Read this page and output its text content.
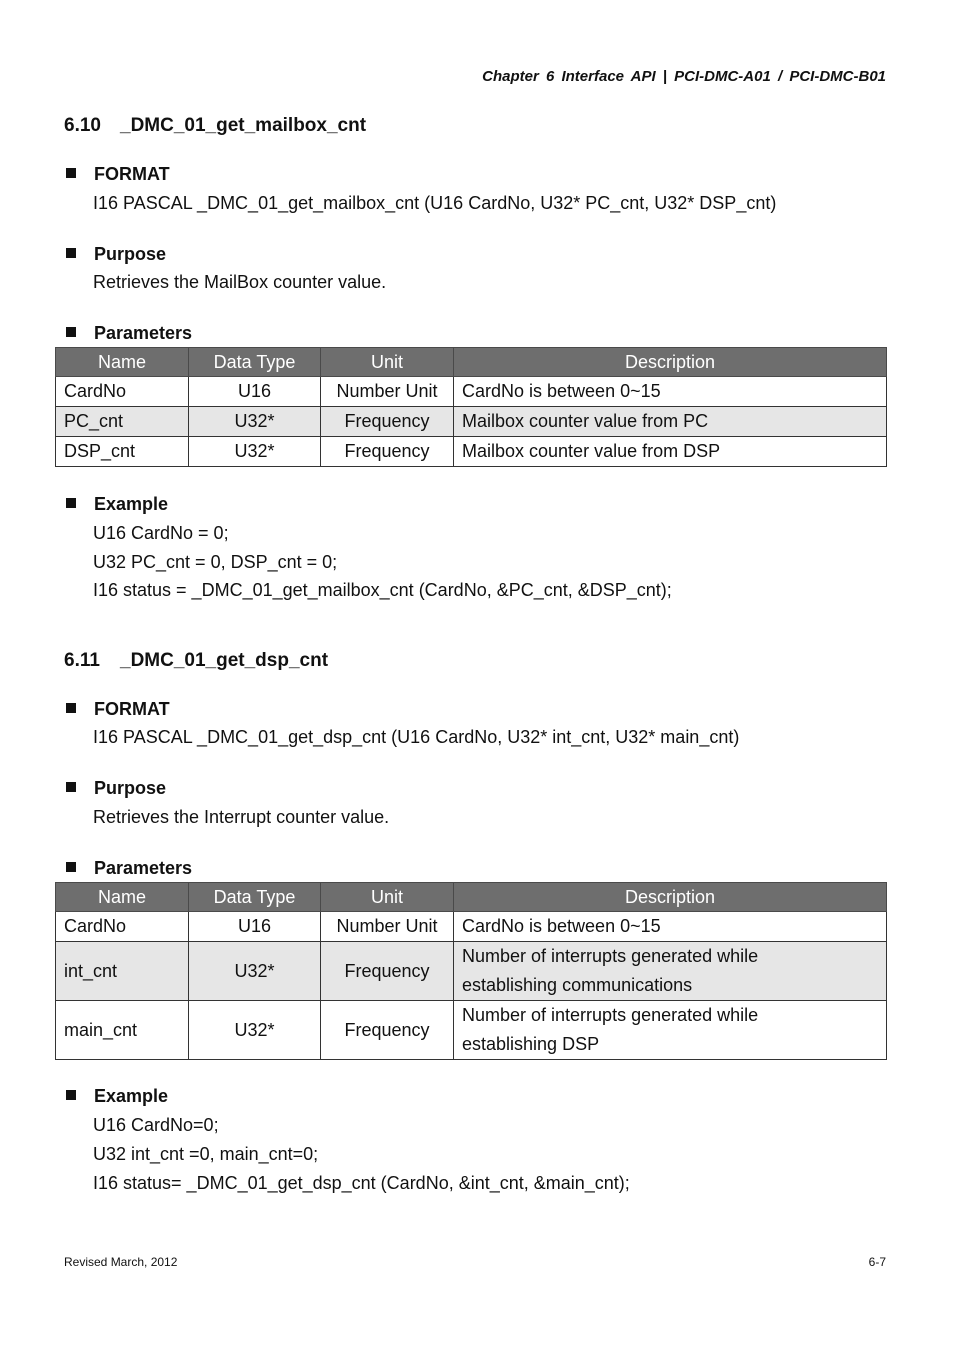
Chapter 6 Interface API | PCI-DMC-A01 / PCI-DMC-B01
6.10 _DMC_01_get_mailbox_cnt
FORMAT
I16 PASCAL _DMC_01_get_mailbox_cnt (U16 CardNo, U32* PC_cnt, U32* DSP_cnt)
Purpose
Retrieves the MailBox counter value.
Parameters
Name	Data Type	Unit	Description
CardNo	U16	Number Unit	CardNo is between 0~15
PC_cnt	U32*	Frequency	Mailbox counter value from PC
DSP_cnt	U32*	Frequency	Mailbox counter value from DSP
Example
U16 CardNo = 0;
U32 PC_cnt = 0, DSP_cnt = 0;
I16 status = _DMC_01_get_mailbox_cnt (CardNo, &PC_cnt, &DSP_cnt);
6.11 _DMC_01_get_dsp_cnt
FORMAT
I16 PASCAL _DMC_01_get_dsp_cnt (U16 CardNo, U32* int_cnt, U32* main_cnt)
Purpose
Retrieves the Interrupt counter value.
Parameters
Name	Data Type	Unit	Description
CardNo	U16	Number Unit	CardNo is between 0~15
int_cnt	U32*	Frequency	Number of interrupts generated while
establishing communications
main_cnt	U32*	Frequency	Number of interrupts generated while
establishing DSP
Example
U16 CardNo=0;
U32 int_cnt =0, main_cnt=0;
I16 status= _DMC_01_get_dsp_cnt (CardNo, &int_cnt, &main_cnt);
Revised March, 2012	6-7
